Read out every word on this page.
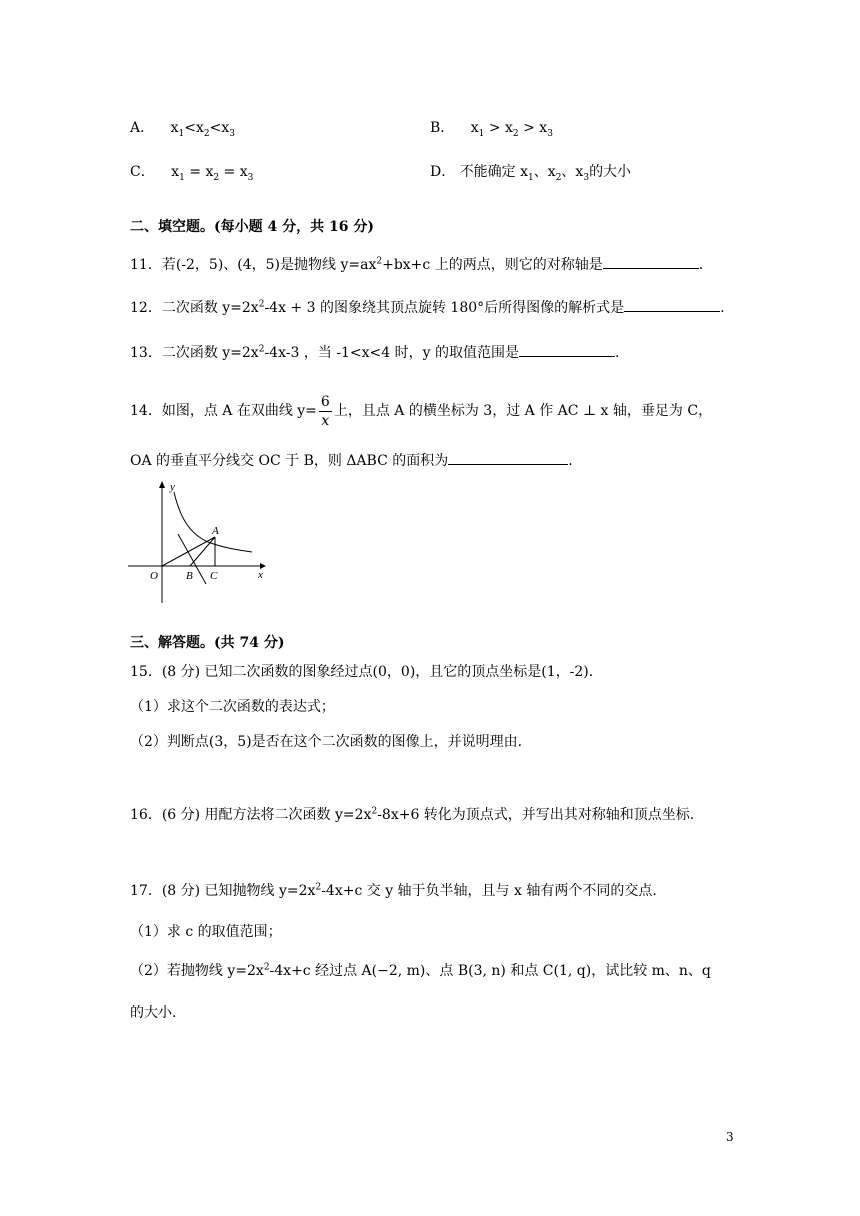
A． $x_1<x_2<x_3$	B． $x_1 > x_2 > x_3$
C． $x_1 = x_2 = x_3$	D． 不能确定 $x_1$、$x_2$、$x_3$的大小
二、填空题。(每小题 4 分，共 16 分)
11．若(-2，5)、(4，5)是抛物线 $y=ax^2+bx+c$ 上的两点，则它的对称轴是	.
12．二次函数 $y=2x^2-4x + 3$ 的图象绕其顶点旋转 180°后所得图像的解析式是	.
13．二次函数 $y=2x^2-4x-3$ ，当 -1<x<4 时，y 的取值范围是	.
14．如图，点 A 在双曲线 $y= \frac{6}{x}$ 上，且点 A 的横坐标为 3，过 A 作 AC ⊥ x 轴，垂足为 C，
OA 的垂直平分线交 OC 于 B，则 ΔABC 的面积为	.
y
x
O
A
B C
三、解答题。(共 74 分)
15．(8 分) 已知二次函数的图象经过点(0，0)，且它的顶点坐标是(1，-2).
（1）求这个二次函数的表达式；
（2）判断点(3，5)是否在这个二次函数的图像上，并说明理由.
16．(6 分) 用配方法将二次函数 $y=2x^2-8x+6$ 转化为顶点式，并写出其对称轴和顶点坐标.
17．(8 分) 已知抛物线 $y=2x^2-4x+c$ 交 y 轴于负半轴，且与 x 轴有两个不同的交点.
（1）求 c 的取值范围；
（2）若抛物线 $y=2x^2-4x+c$ 经过点 A(−2, m)、点 B(3, n) 和点 C(1, q)，试比较 m、n、q
的大小.
3
